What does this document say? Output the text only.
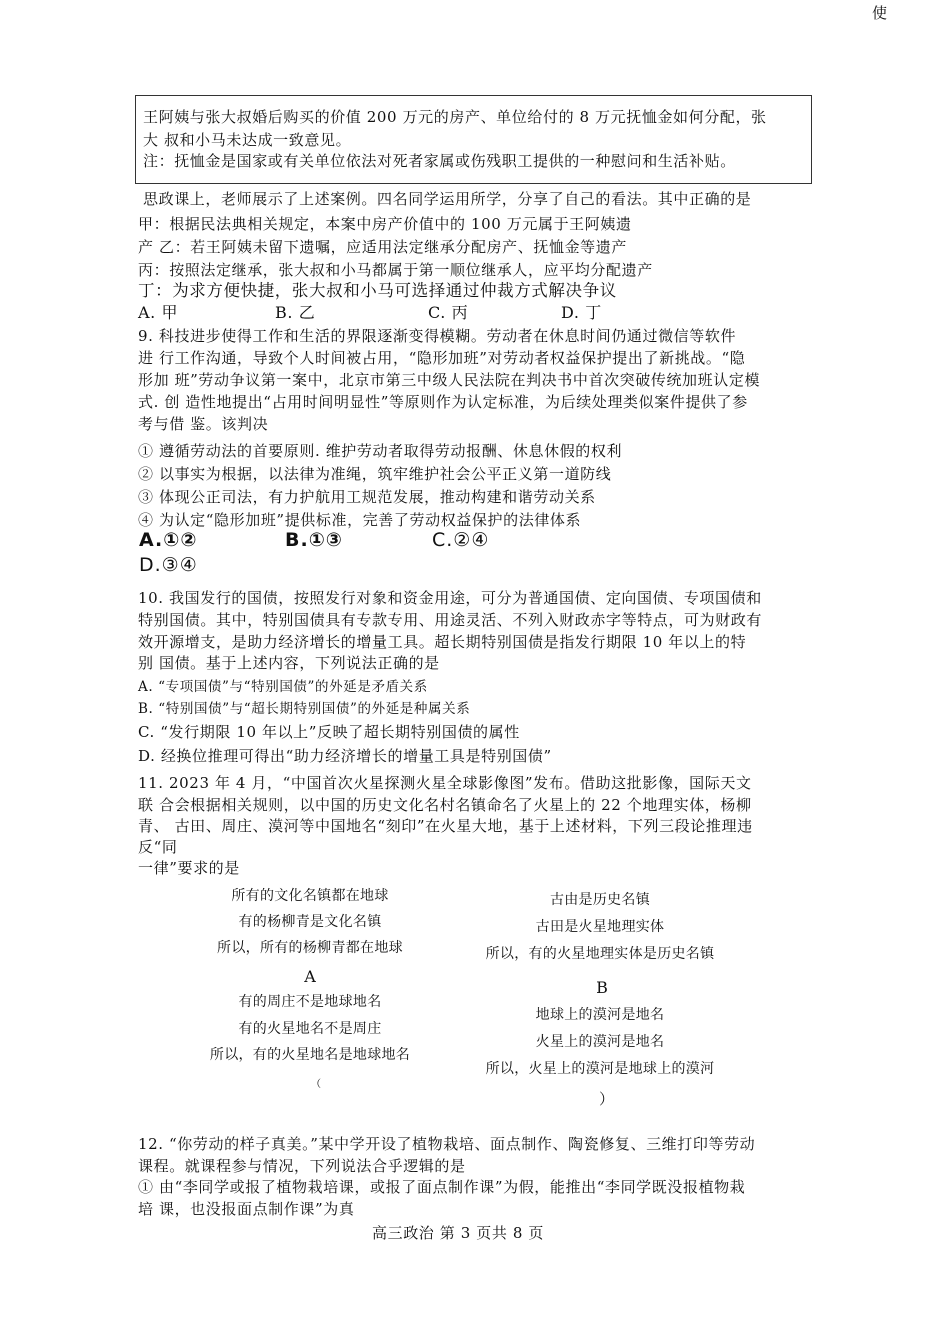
使
王阿姨与张大叔婚后购买的价值 200 万元的房产、单位给付的 8 万元抚恤金如何分配，张
大 叔和小马未达成一致意见。
注：抚恤金是国家或有关单位依法对死者家属或伤残职工提供的一种慰问和生活补贴。
思政课上，老师展示了上述案例。四名同学运用所学，分享了自己的看法。其中正确的是
甲：根据民法典相关规定，本案中房产价值中的 100 万元属于王阿姨遗
产 乙：若王阿姨未留下遗嘱，应适用法定继承分配房产、抚恤金等遗产
丙：按照法定继承，张大叔和小马都属于第一顺位继承人，应平均分配遗产
丁：为求方便快捷，张大叔和小马可选择通过仲裁方式解决争议
A. 甲	B. 乙	C. 丙	D. 丁
9. 科技进步使得工作和生活的界限逐渐变得模糊。劳动者在休息时间仍通过微信等软件
进 行工作沟通，导致个人时间被占用，“隐形加班”对劳动者权益保护提出了新挑战。“隐
形加 班”劳动争议第一案中，北京市第三中级人民法院在判决书中首次突破传统加班认定模
式. 创 造性地提出“占用时间明显性”等原则作为认定标准，为后续处理类似案件提供了参
考与借 鉴。该判决
① 遵循劳动法的首要原则. 维护劳动者取得劳动报酬、休息休假的权利
② 以事实为根据，以法律为准绳，筑牢维护社会公平正义第一道防线
③ 体现公正司法，有力护航用工规范发展，推动构建和谐劳动关系
④ 为认定“隐形加班”提供标准，完善了劳动权益保护的法律体系
A.①②	B.①③	C.②④
D.③④
10. 我国发行的国债，按照发行对象和资金用途，可分为普通国债、定向国债、专项国债和
特别国债。其中，特别国债具有专款专用、用途灵活、不列入财政赤字等特点，可为财政有
效开源增支，是助力经济增长的增量工具。超长期特别国债是指发行期限 10 年以上的特
别 国债。基于上述内容，下列说法正确的是
A. “专项国债”与“特别国债”的外延是矛盾关系
B. “特别国债”与“超长期特别国债”的外延是种属关系
C. “发行期限 10 年以上”反映了超长期特别国债的属性
D. 经换位推理可得出“助力经济增长的增量工具是特别国债”
11. 2023 年 4 月，“中国首次火星探测火星全球影像图”发布。借助这批影像，国际天文
联 合会根据相关规则，以中国的历史文化名村名镇命名了火星上的 22 个地理实体，杨柳
青、 古田、周庄、漠河等中国地名“刻印”在火星大地，基于上述材料，下列三段论推理违
反“同
一律”要求的是
所有的文化名镇都在地球
有的杨柳青是文化名镇
所以，所有的杨柳青都在地球
A
古由是历史名镇
古田是火星地理实体
所以，有的火星地理实体是历史名镇
B
有的周庄不是地球地名
有的火星地名不是周庄
所以，有的火星地名是地球地名
（
地球上的漠河是地名
火星上的漠河是地名
所以，火星上的漠河是地球上的漠河
）
12. “你劳动的样子真美。”某中学开设了植物栽培、面点制作、陶瓷修复、三维打印等劳动
课程。就课程参与情况，下列说法合乎逻辑的是
① 由“李同学或报了植物栽培课，或报了面点制作课”为假，能推出“李同学既没报植物栽
培 课，也没报面点制作课”为真
高三政治 第 3 页共 8 页
